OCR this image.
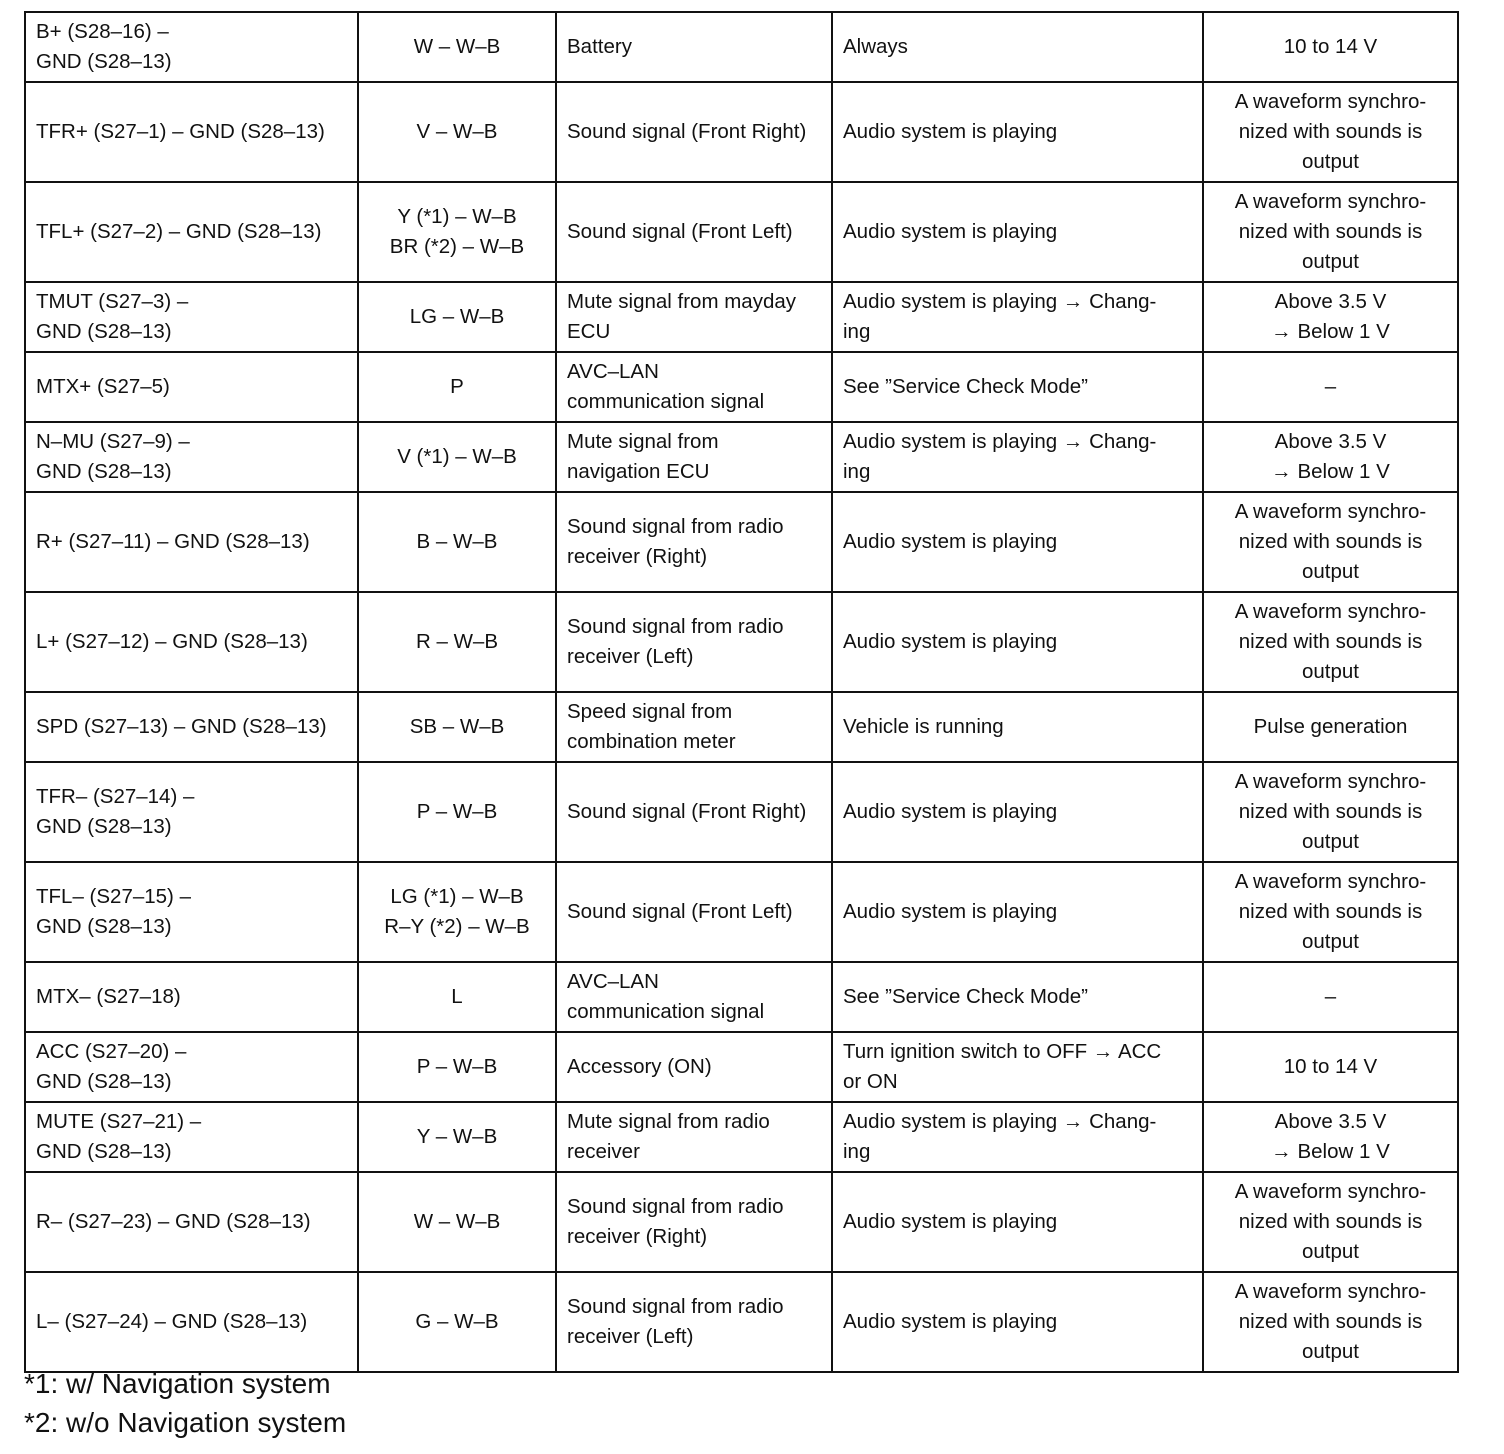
B+ (S28–16) –
GND (S28–13)	W – W–B	Battery	Always	10 to 14 V
TFR+ (S27–1) – GND (S28–13)	V – W–B	Sound signal (Front Right)	Audio system is playing	A waveform synchro-
nized with sounds is
output
TFL+ (S27–2) – GND (S28–13)	Y (*1) – W–B
BR (*2) – W–B	Sound signal (Front Left)	Audio system is playing	A waveform synchro-
nized with sounds is
output
TMUT (S27–3) –
GND (S28–13)	LG – W–B	Mute signal from mayday
ECU	Audio system is playing → Chang-
ing	Above 3.5 V
→ Below 1 V
MTX+ (S27–5)	P	AVC–LAN
communication signal	See ”Service Check Mode”	–
N–MU (S27–9) –
GND (S28–13)	V (*1) – W–B	Mute signal from
navigation ECU	Audio system is playing → Chang-
ing	Above 3.5 V
→ Below 1 V
R+ (S27–11) – GND (S28–13)	B – W–B	Sound signal from radio
receiver (Right)	Audio system is playing	A waveform synchro-
nized with sounds is
output
L+ (S27–12) – GND (S28–13)	R – W–B	Sound signal from radio
receiver (Left)	Audio system is playing	A waveform synchro-
nized with sounds is
output
SPD (S27–13) – GND (S28–13)	SB – W–B	Speed signal from
combination meter	Vehicle is running	Pulse generation
TFR– (S27–14) –
GND (S28–13)	P – W–B	Sound signal (Front Right)	Audio system is playing	A waveform synchro-
nized with sounds is
output
TFL– (S27–15) –
GND (S28–13)	LG (*1) – W–B
R–Y (*2) – W–B	Sound signal (Front Left)	Audio system is playing	A waveform synchro-
nized with sounds is
output
MTX– (S27–18)	L	AVC–LAN
communication signal	See ”Service Check Mode”	–
ACC (S27–20) –
GND (S28–13)	P – W–B	Accessory (ON)	Turn ignition switch to OFF → ACC
or ON	10 to 14 V
MUTE (S27–21) –
GND (S28–13)	Y – W–B	Mute signal from radio
receiver	Audio system is playing → Chang-
ing	Above 3.5 V
→ Below 1 V
R– (S27–23) – GND (S28–13)	W – W–B	Sound signal from radio
receiver (Right)	Audio system is playing	A waveform synchro-
nized with sounds is
output
L– (S27–24) – GND (S28–13)	G – W–B	Sound signal from radio
receiver (Left)	Audio system is playing	A waveform synchro-
nized with sounds is
output
*1: w/ Navigation system
*2: w/o Navigation system
